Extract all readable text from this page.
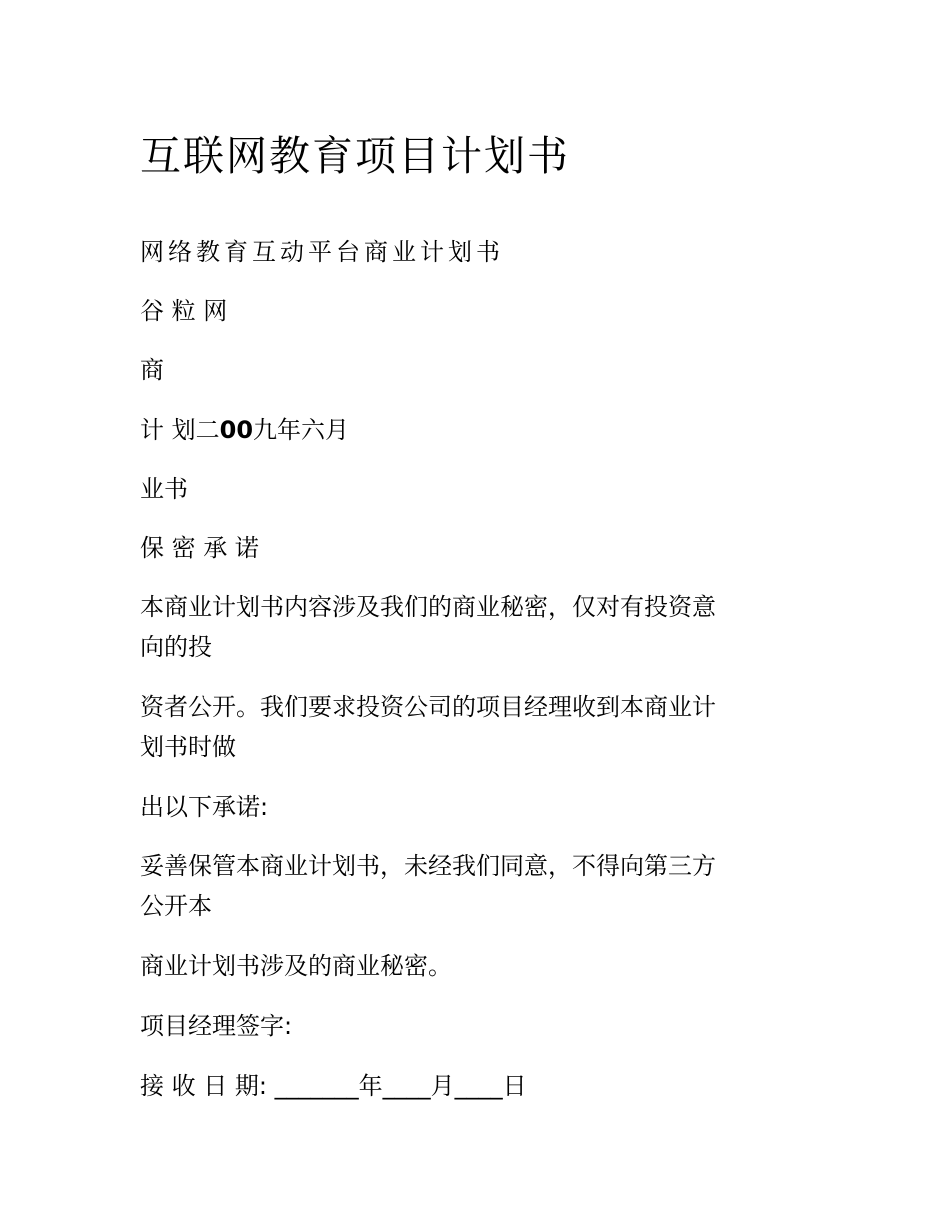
互联网教育项目计划书

网络教育互动平台商业计划书

谷 粒 网

商

计 划二00九年六月

业书

保 密 承 诺

本商业计划书内容涉及我们的商业秘密，仅对有投资意

向的投

资者公开。我们要求投资公司的项目经理收到本商业计

划书时做

出以下承诺:

妥善保管本商业计划书，未经我们同意，不得向第三方

公开本

商业计划书涉及的商业秘密。

项目经理签字:

接 收 日 期: _______年____月____日
